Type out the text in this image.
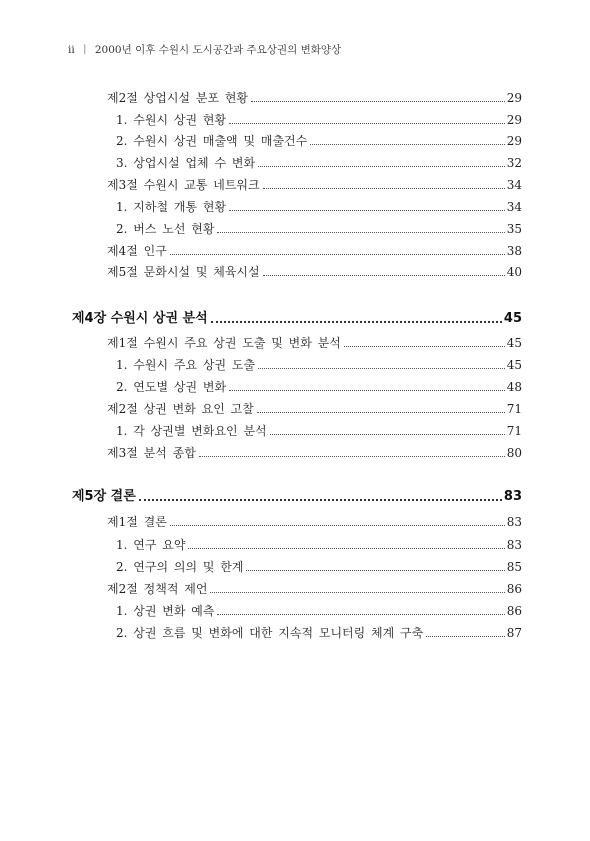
ii ㅣ 2000년 이후 수원시 도시공간과 주요상권의 변화양상
제2절 상업시설 분포 현황	29
1. 수원시 상권 현황	29
2. 수원시 상권 매출액 및 매출건수	29
3. 상업시설 업체 수 변화	32
제3절 수원시 교통 네트워크	34
1. 지하철 개통 현황	34
2. 버스 노선 현황	35
제4절 인구	38
제5절 문화시설 및 체육시설	40
제4장 수원시 상권 분석	45
제1절 수원시 주요 상권 도출 및 변화 분석	45
1. 수원시 주요 상권 도출	45
2. 연도별 상권 변화	48
제2절 상권 변화 요인 고찰	71
1. 각 상권별 변화요인 분석	71
제3절 분석 종합	80
제5장 결론	83
제1절 결론	83
1. 연구 요약	83
2. 연구의 의의 및 한계	85
제2절 정책적 제언	86
1. 상권 변화 예측	86
2. 상권 흐름 및 변화에 대한 지속적 모니터링 체계 구축	87
